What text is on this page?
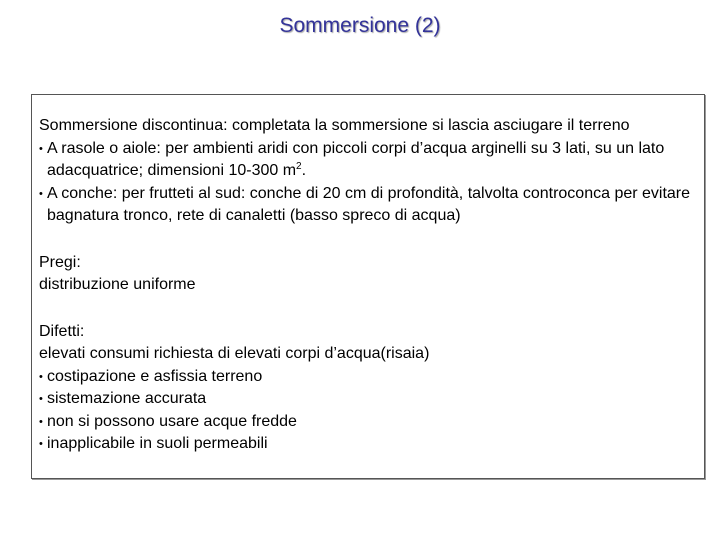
Sommersione (2)

Sommersione discontinua: completata la sommersione si lascia asciugare il terreno

• A rasole o aiole: per ambienti aridi con piccoli corpi d’acqua arginelli su 3 lati, su un lato adacquatrice; dimensioni 10-300 $m^2$.
• A conche: per frutteti al sud: conche di 20 cm di profondità, talvolta controconca per evitare bagnatura tronco, rete di canaletti (basso spreco di acqua)

Pregi:

distribuzione uniforme

Difetti:

elevati consumi richiesta di elevati corpi d’acqua(risaia)

• costipazione e asfissia terreno
• sistemazione accurata
• non si possono usare acque fredde
• inapplicabile in suoli permeabili
